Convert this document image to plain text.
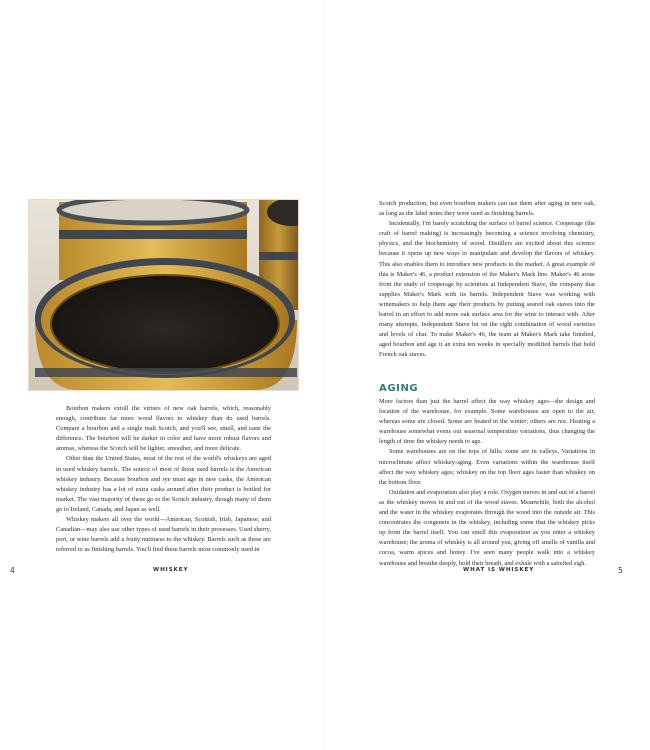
Bourbon makers extoll the virtues of new oak barrels, which, reasonably enough, contribute far more wood flavors to whiskey than do used barrels. Compare a bourbon and a single malt Scotch, and you'll see, smell, and taste the difference. The bourbon will be darker in color and have more robust flavors and aromas, whereas the Scotch will be lighter, smoother, and more delicate.

Other than the United States, most of the rest of the world's whiskeys are aged in used whiskey barrels. The source of most of these used barrels is the American whiskey industry. Because bourbon and rye must age in new casks, the American whiskey industry has a lot of extra casks around after their product is bottled for market. The vast majority of these go to the Scotch industry, though many of them go to Ireland, Canada, and Japan as well.

Whiskey makers all over the world—American, Scottish, Irish, Japanese, and Canadian—may also use other types of used barrels in their processes. Used sherry, port, or wine barrels add a fruity nuttiness to the whiskey. Barrels such as these are referred to as finishing barrels. You'll find these barrels most commonly used in

4	WHISKEY

Scotch production, but even bourbon makers can use them after aging in new oak, as long as the label notes they were used as finishing barrels.

Incidentally, I'm barely scratching the surface of barrel science. Cooperage (the craft of barrel making) is increasingly becoming a science involving chemistry, physics, and the biochemistry of wood. Distillers are excited about this science because it opens up new ways to manipulate and develop the flavors of whiskey. This also enables them to introduce new products to the market. A great example of this is Maker's 46, a product extension of the Maker's Mark line. Maker's 46 arose from the study of cooperage by scientists at Independent Stave, the company that supplies Maker's Mark with its barrels. Independent Stave was working with winemakers to help them age their products by putting seared oak staves into the barrel in an effort to add more oak surface area for the wine to interact with. After many attempts, Independent Stave hit on the right combination of wood varieties and levels of char. To make Maker's 46, the team at Maker's Mark take finished, aged bourbon and age it an extra ten weeks in specially modified barrels that hold French oak staves.

AGING

More factors than just the barrel affect the way whiskey ages—the design and location of the warehouse, for example. Some warehouses are open to the air, whereas some are closed. Some are heated in the winter; others are not. Heating a warehouse somewhat evens out seasonal temperature variations, thus changing the length of time the whiskey needs to age.

Some warehouses are on the tops of hills; some are in valleys. Variations in microclimate affect whiskey-aging. Even variations within the warehouse itself affect the way whiskey ages; whiskey on the top floor ages faster than whiskey on the bottom floor.

Oxidation and evaporation also play a role. Oxygen moves in and out of a barrel as the whiskey moves in and out of the wood staves. Meanwhile, both the alcohol and the water in the whiskey evaporates through the wood into the outside air. This concentrates the congeners in the whiskey, including some that the whiskey picks up from the barrel itself. You can smell this evaporation as you enter a whiskey warehouse; the aroma of whiskey is all around you, giving off smells of vanilla and cocoa, warm spices and honey. I've seen many people walk into a whiskey warehouse and breathe deeply, hold their breath, and exhale with a satisfied sigh.

WHAT IS WHISKEY	5
